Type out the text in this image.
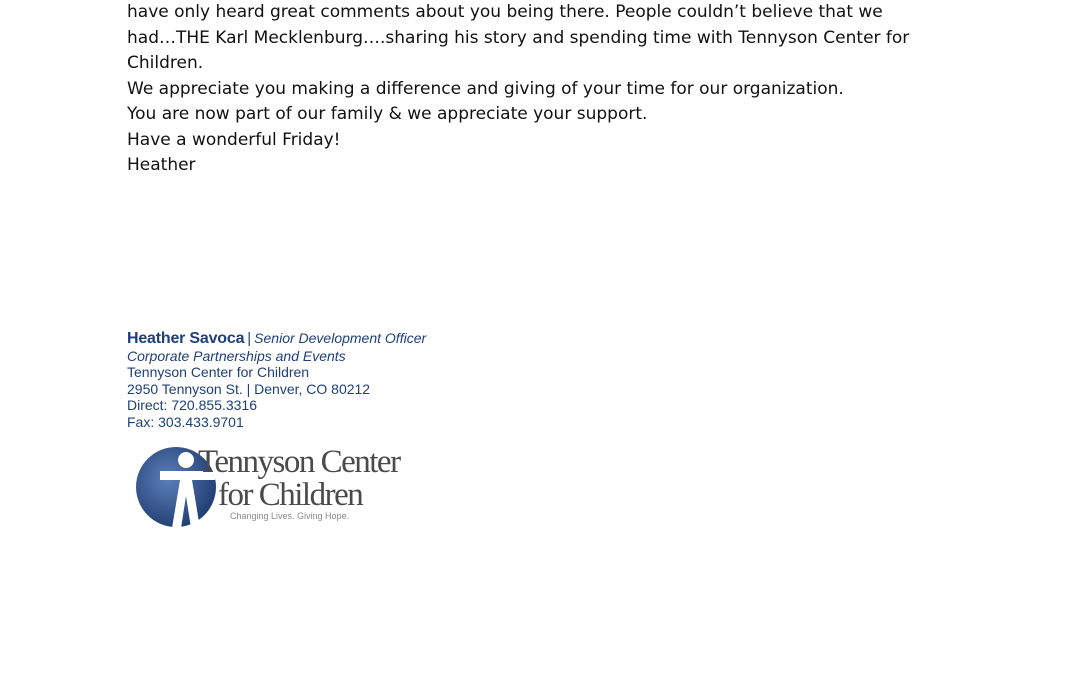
have only heard great comments about you being there. People couldn’t believe that we
had…THE Karl Mecklenburg….sharing his story and spending time with Tennyson Center for
Children.

We appreciate you making a difference and giving of your time for our organization.

You are now part of our family & we appreciate your support.

Have a wonderful Friday!
Heather

Heather Savoca | Senior Development Officer
Corporate Partnerships and Events
Tennyson Center for Children
2950 Tennyson St. | Denver, CO 80212
Direct: 720.855.3316
Fax: 303.433.9701
Tennyson Center
for Children
Changing Lives. Giving Hope.
